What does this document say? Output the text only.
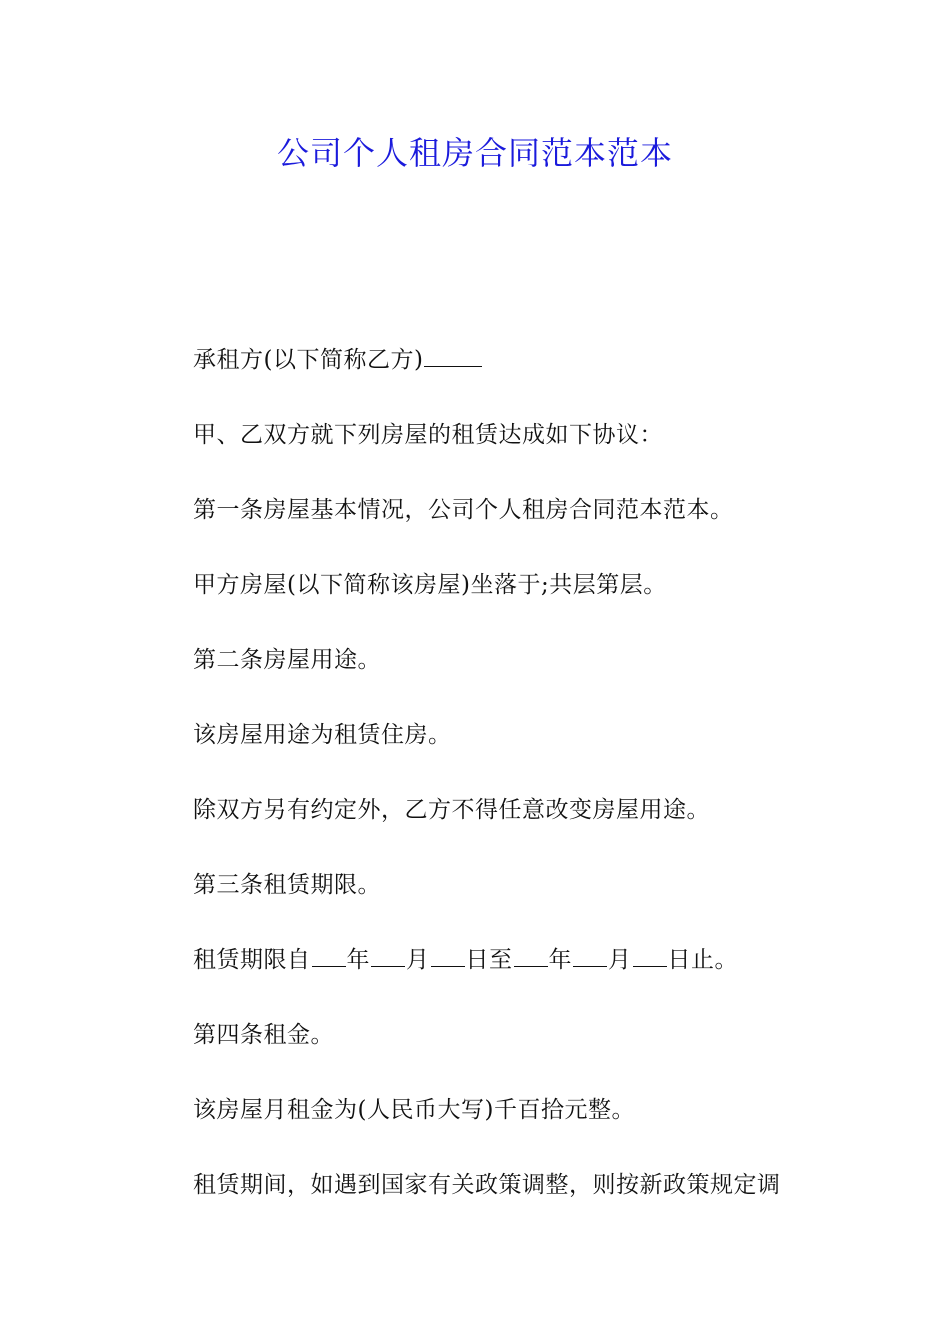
公司个人租房合同范本范本

承租方(以下简称乙方)

甲、乙双方就下列房屋的租赁达成如下协议：

第一条房屋基本情况，公司个人租房合同范本范本。

甲方房屋(以下简称该房屋)坐落于;共层第层。

第二条房屋用途。

该房屋用途为租赁住房。

除双方另有约定外，乙方不得任意改变房屋用途。

第三条租赁期限。

租赁期限自 年 月 日至 年 月 日止。

第四条租金。

该房屋月租金为(人民币大写)千百拾元整。

租赁期间，如遇到国家有关政策调整，则按新政策规定调
